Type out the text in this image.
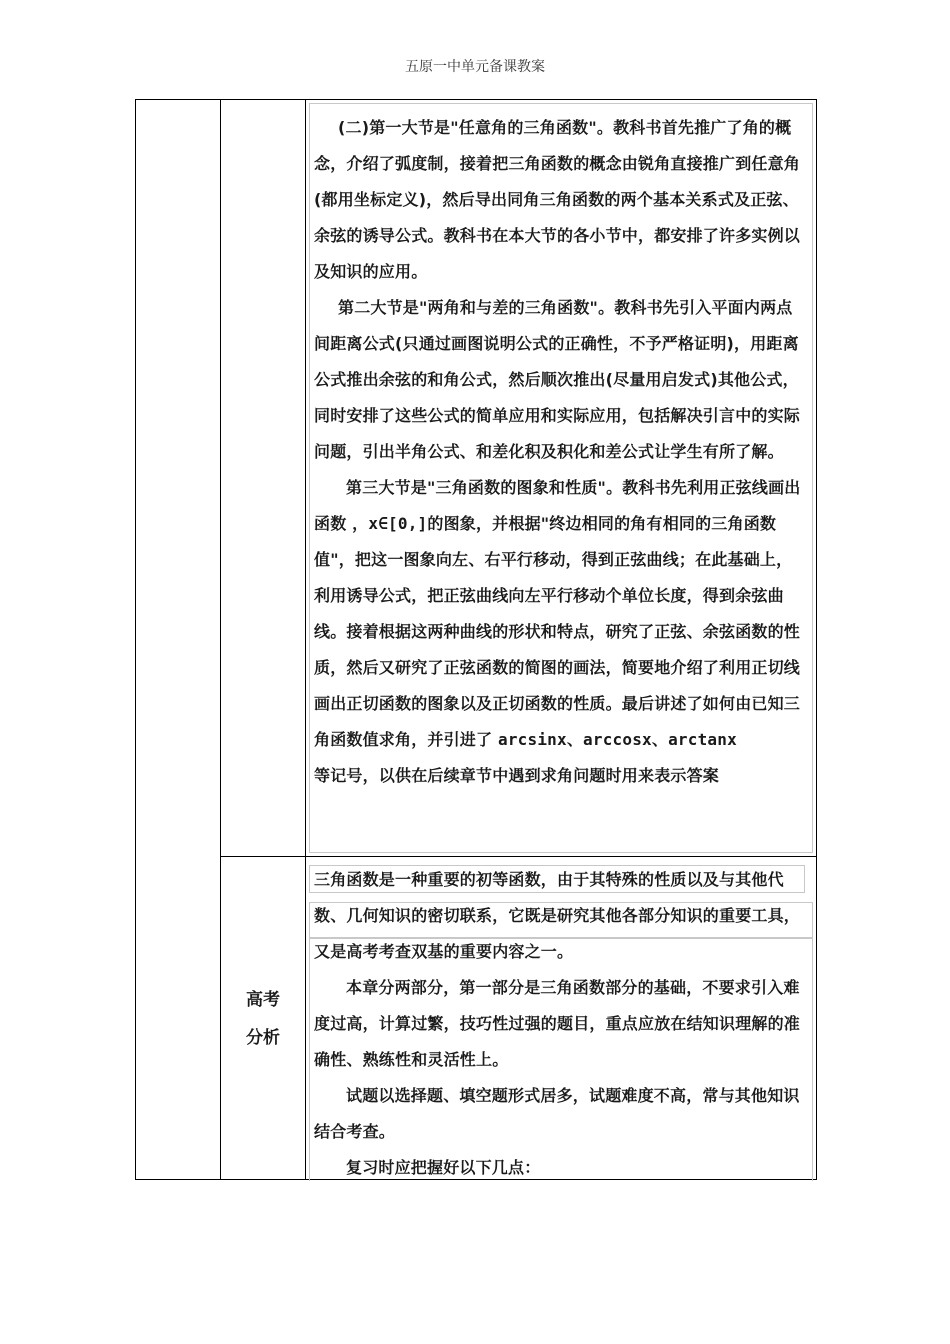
五原一中单元备课教案

(二)第一大节是"任意角的三角函数"。教科书首先推广了角的概念，介绍了弧度制，接着把三角函数的概念由锐角直接推广到任意角(都用坐标定义)，然后导出同角三角函数的两个基本关系式及正弦、余弦的诱导公式。教科书在本大节的各小节中，都安排了许多实例以及知识的应用。

第二大节是"两角和与差的三角函数"。教科书先引入平面内两点间距离公式(只通过画图说明公式的正确性，不予严格证明)，用距离公式推出余弦的和角公式，然后顺次推出(尽量用启发式)其他公式，同时安排了这些公式的简单应用和实际应用，包括解决引言中的实际问题，引出半角公式、和差化积及积化和差公式让学生有所了解。

第三大节是"三角函数的图象和性质"。教科书先利用正弦线画出函数 ，x∈[0,]的图象，并根据"终边相同的角有相同的三角函数值"，把这一图象向左、右平行移动，得到正弦曲线；在此基础上，利用诱导公式，把正弦曲线向左平行移动个单位长度，得到余弦曲线。接着根据这两种曲线的形状和特点，研究了正弦、余弦函数的性质，然后又研究了正弦函数的简图的画法，简要地介绍了利用正切线画出正切函数的图象以及正切函数的性质。最后讲述了如何由已知三角函数值求角，并引进了 arcsinx、arccosx、arctanx
等记号，以供在后续章节中遇到求角问题时用来表示答案

高考
分析

三角函数是一种重要的初等函数，由于其特殊的性质以及与其他代

数、几何知识的密切联系，它既是研究其他各部分知识的重要工具，

又是高考考查双基的重要内容之一。

本章分两部分，第一部分是三角函数部分的基础，不要求引入难度过高，计算过繁，技巧性过强的题目，重点应放在结知识理解的准确性、熟练性和灵活性上。

试题以选择题、填空题形式居多，试题难度不高，常与其他知识结合考查。

复习时应把握好以下几点：
